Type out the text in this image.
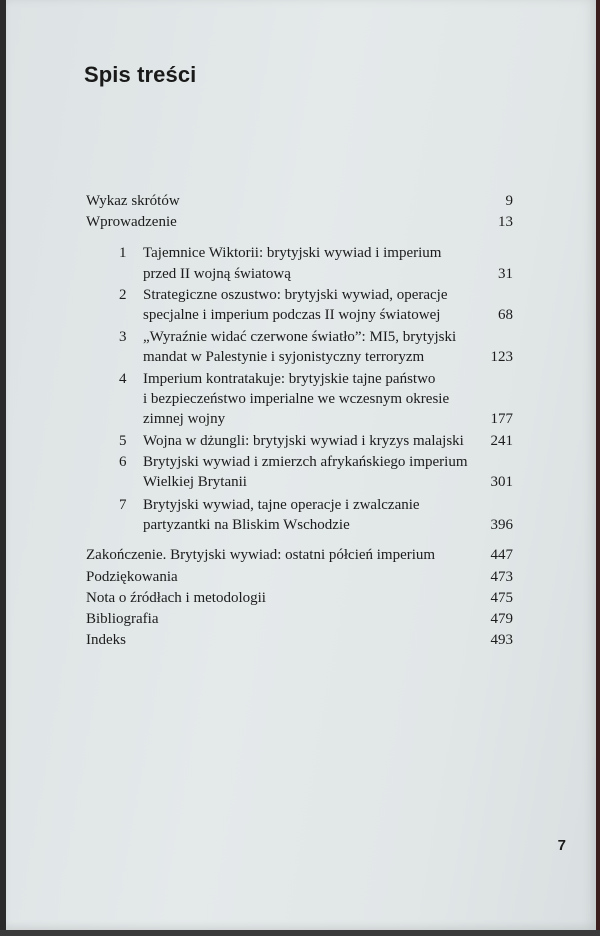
Spis treści
Wykaz skrótów	9
Wprowadzenie	13
1	Tajemnice Wiktorii: brytyjski wywiad i imperium
przed II wojną światową	31
2	Strategiczne oszustwo: brytyjski wywiad, operacje
specjalne i imperium podczas II wojny światowej	68
3	„Wyraźnie widać czerwone światło”: MI5, brytyjski
mandat w Palestynie i syjonistyczny terroryzm	123
4	Imperium kontratakuje: brytyjskie tajne państwo
i bezpieczeństwo imperialne we wczesnym okresie
zimnej wojny	177
5	Wojna w dżungli: brytyjski wywiad i kryzys malajski 241
6	Brytyjski wywiad i zmierzch afrykańskiego imperium
Wielkiej Brytanii	301
7	Brytyjski wywiad, tajne operacje i zwalczanie
partyzantki na Bliskim Wschodzie	396
Zakończenie. Brytyjski wywiad: ostatni półcień imperium	447
Podziękowania	473
Nota o źródłach i metodologii	475
Bibliografia	479
Indeks	493
7
